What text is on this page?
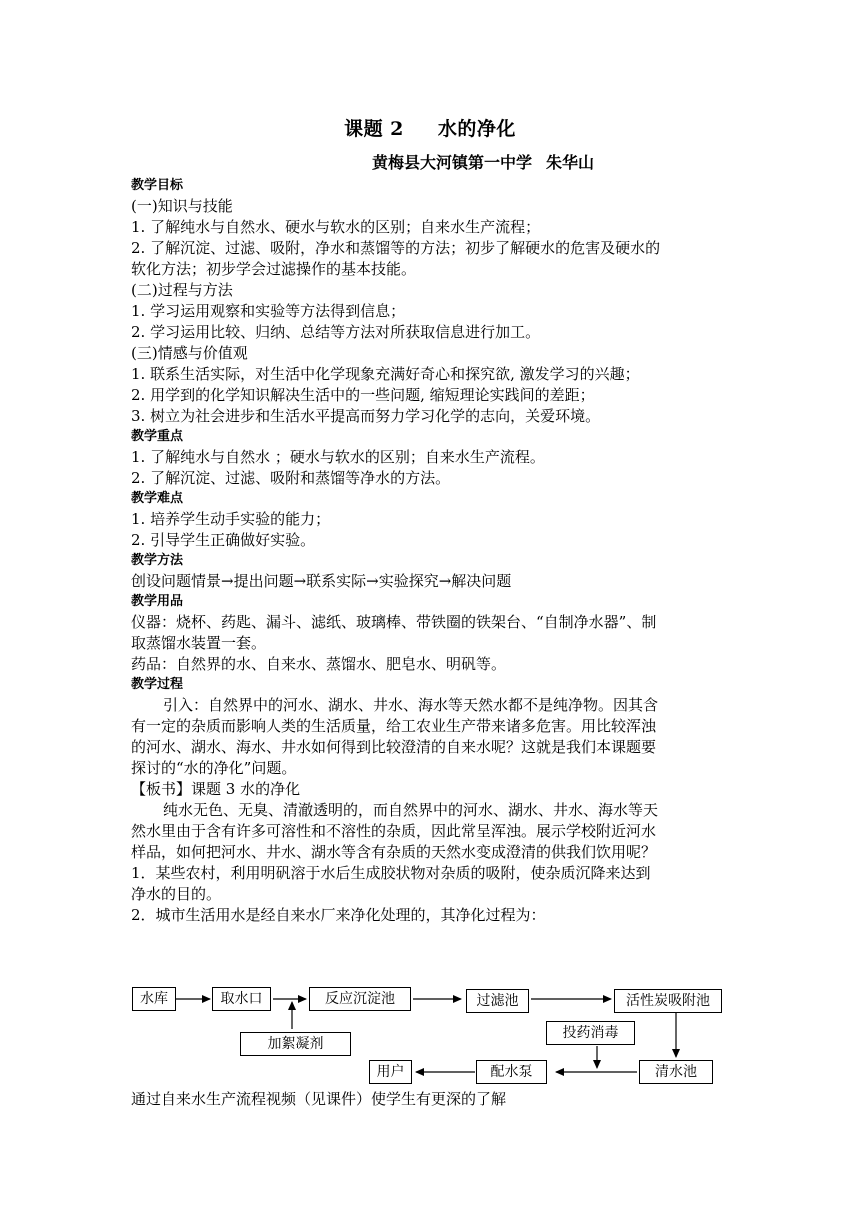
课题 2 水的净化
黄梅县大河镇第一中学 朱华山
教学目标
(一)知识与技能
1. 了解纯水与自然水、硬水与软水的区别；自来水生产流程；
2. 了解沉淀、过滤、吸附，净水和蒸馏等的方法；初步了解硬水的危害及硬水的
软化方法；初步学会过滤操作的基本技能。
(二)过程与方法
1. 学习运用观察和实验等方法得到信息；
2. 学习运用比较、归纳、总结等方法对所获取信息进行加工。
(三)情感与价值观
1. 联系生活实际，对生活中化学现象充满好奇心和探究欲, 激发学习的兴趣；
2. 用学到的化学知识解决生活中的一些问题, 缩短理论实践间的差距；
3. 树立为社会进步和生活水平提高而努力学习化学的志向，关爱环境。
教学重点
1. 了解纯水与自然水 ；硬水与软水的区别；自来水生产流程。
2. 了解沉淀、过滤、吸附和蒸馏等净水的方法。
教学难点
1. 培养学生动手实验的能力；
2. 引导学生正确做好实验。
教学方法
创设问题情景→提出问题→联系实际→实验探究→解决问题
教学用品
仪器：烧杯、药匙、漏斗、滤纸、玻璃棒、带铁圈的铁架台、“自制净水器”、制
取蒸馏水装置一套。
药品：自然界的水、自来水、蒸馏水、肥皂水、明矾等。
教学过程
引入：自然界中的河水、湖水、井水、海水等天然水都不是纯净物。因其含
有一定的杂质而影响人类的生活质量，给工农业生产带来诸多危害。用比较浑浊
的河水、湖水、海水、井水如何得到比较澄清的自来水呢？这就是我们本课题要
探讨的“水的净化”问题。
【板书】课题 3 水的净化
纯水无色、无臭、清澈透明的，而自然界中的河水、湖水、井水、海水等天
然水里由于含有许多可溶性和不溶性的杂质，因此常呈浑浊。展示学校附近河水
样品，如何把河水、井水、湖水等含有杂质的天然水变成澄清的供我们饮用呢？
1．某些农村，利用明矾溶于水后生成胶状物对杂质的吸附，使杂质沉降来达到
净水的目的。
2．城市生活用水是经自来水厂来净化处理的，其净化过程为：
水库	取水口	反应沉淀池	过滤池	活性炭吸附池
加絮凝剂
投药消毒
清水池
配水泵
用户
通过自来水生产流程视频（见课件）使学生有更深的了解
